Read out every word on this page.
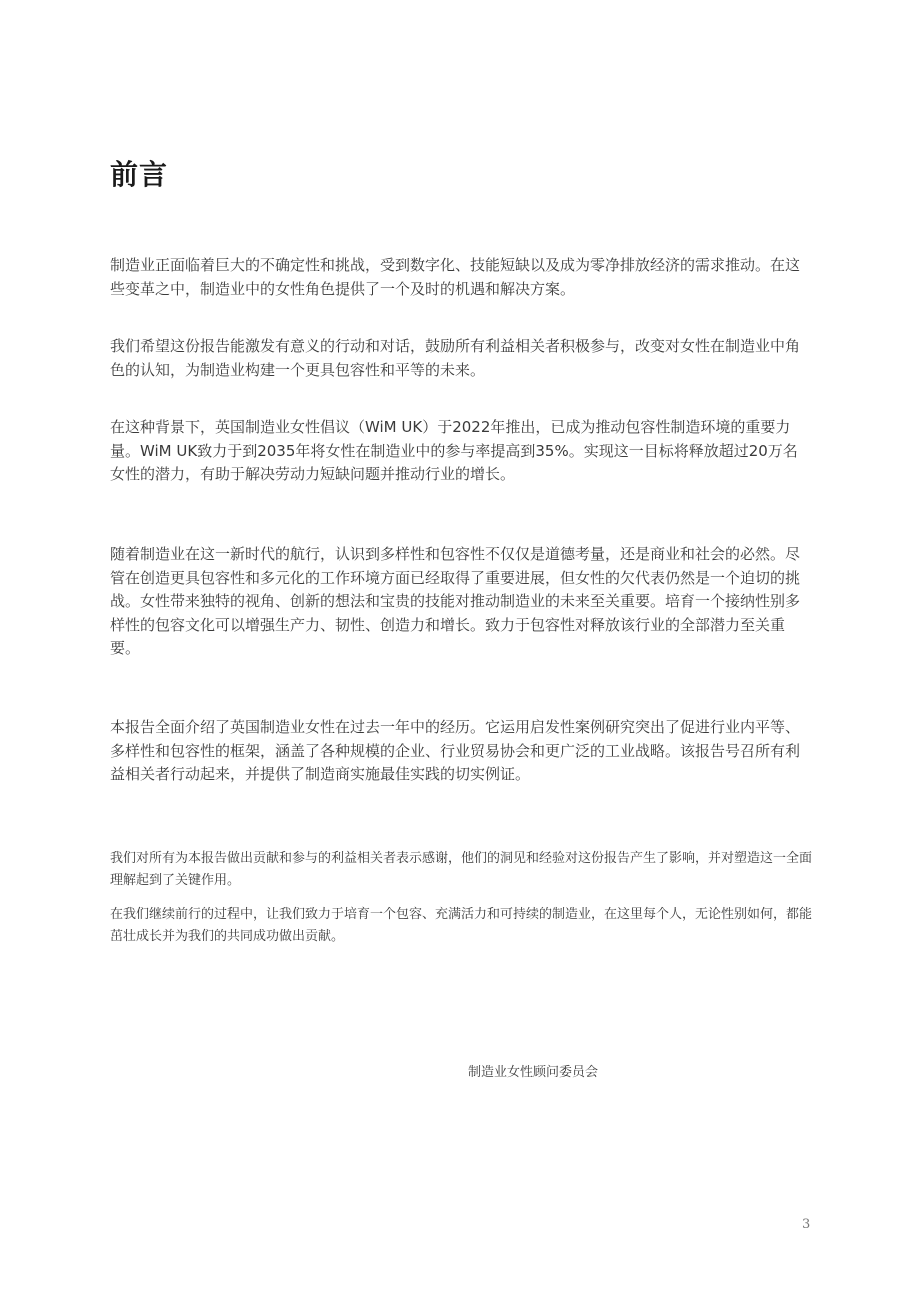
前言

制造业正面临着巨大的不确定性和挑战，受到数字化、技能短缺以及成为零净排放经济的需求推动。在这些变革之中，制造业中的女性角色提供了一个及时的机遇和解决方案。

我们希望这份报告能激发有意义的行动和对话，鼓励所有利益相关者积极参与，改变对女性在制造业中角色的认知，为制造业构建一个更具包容性和平等的未来。

在这种背景下，英国制造业女性倡议（WiM UK）于2022年推出，已成为推动包容性制造环境的重要力量。WiM UK致力于到2035年将女性在制造业中的参与率提高到35%。实现这一目标将释放超过20万名女性的潜力，有助于解决劳动力短缺问题并推动行业的增长。

随着制造业在这一新时代的航行，认识到多样性和包容性不仅仅是道德考量，还是商业和社会的必然。尽管在创造更具包容性和多元化的工作环境方面已经取得了重要进展，但女性的欠代表仍然是一个迫切的挑战。女性带来独特的视角、创新的想法和宝贵的技能对推动制造业的未来至关重要。培育一个接纳性别多样性的包容文化可以增强生产力、韧性、创造力和增长。致力于包容性对释放该行业的全部潜力至关重要。

本报告全面介绍了英国制造业女性在过去一年中的经历。它运用启发性案例研究突出了促进行业内平等、多样性和包容性的框架，涵盖了各种规模的企业、行业贸易协会和更广泛的工业战略。该报告号召所有利益相关者行动起来，并提供了制造商实施最佳实践的切实例证。

我们对所有为本报告做出贡献和参与的利益相关者表示感谢，他们的洞见和经验对这份报告产生了影响，并对塑造这一全面理解起到了关键作用。

在我们继续前行的过程中，让我们致力于培育一个包容、充满活力和可持续的制造业，在这里每个人，无论性别如何，都能茁壮成长并为我们的共同成功做出贡献。

制造业女性顾问委员会

3
